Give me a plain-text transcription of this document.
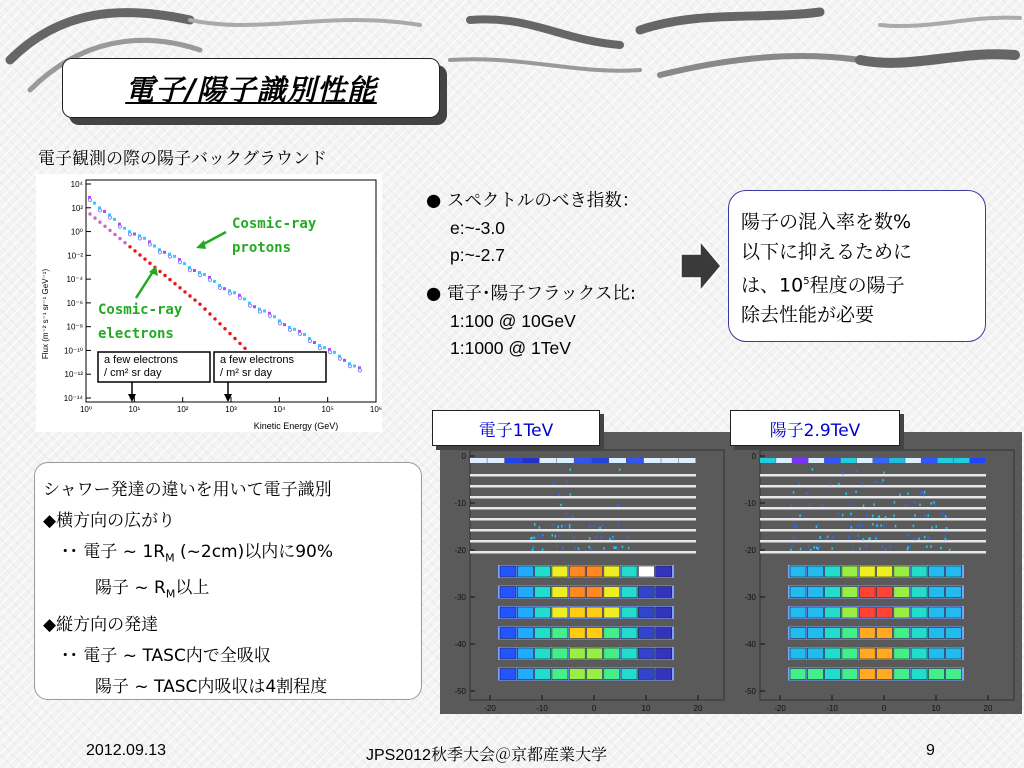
電子/陽子識別性能
電子観測の際の陽子バックグラウンド
10⁴
10²
10⁰
10⁻²
10⁻⁴
10⁻⁶
10⁻⁸
10⁻¹⁰
10⁻¹²
10⁻¹⁴
10⁰	10¹	10²	10³	10⁴	10⁵	10⁶
Flux (m⁻² s⁻¹ sr⁻¹ GeV⁻¹)
Kinetic Energy (GeV)
Cosmic-ray
protons
Cosmic-ray
electrons
a few electrons
/ cm² sr day
a few electrons
/ m² sr day
● スペクトルのべき指数：
e:~-3.0
p:~-2.7
● 電子･陽子フラックス比:
1:100 @ 10GeV
1:1000 @ 1TeV
陽子の混入率を数%
以下に抑えるために
は、$10^5$程度の陽子
除去性能が必要
シャワー発達の違いを用いて電子識別
◆横方向の広がり
･･ 電子 ~ $1R_M$ (~2cm)以内に90%
陽子 ~ $R_M$以上
◆縦方向の発達
･･ 電子 ~ TASC内で全吸収
陽子 ~ TASC内吸収は4割程度
0
-10
-20
-30
-40
-50
-20	-10	0	10	20
0
-10
-20
-30
-40
-50
-20	-10	0	10	20
電子1TeV	陽子2.9TeV
2012.09.13	JPS2012秋季大会＠京都産業大学	9
